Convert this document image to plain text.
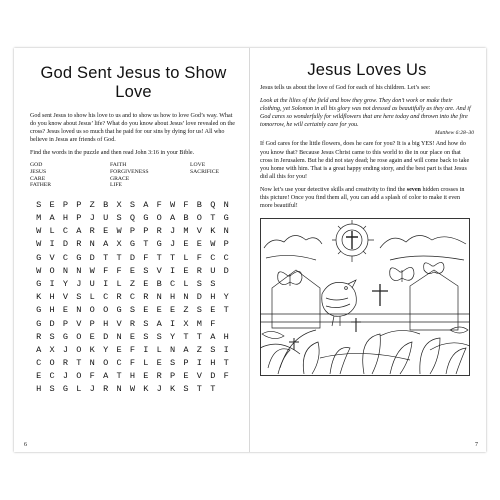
God Sent Jesus to Show Love

God sent Jesus to show his love to us and to show us how to love God’s way. What do you know about Jesus’ life? What do you know about Jesus’ love revealed on the cross? Jesus loved us so much that he paid for our sins by dying for us! All who believe in Jesus are friends of God.

Find the words in the puzzle and then read John 3:16 in your Bible.

GOD
JESUS
CARE
FATHER
FAITH
FORGIVENESS
GRACE
LIFE
LOVE
SACRIFICE
S E P P Z B X S A F W F B Q N
M A H P J U S Q G O A B O T G
W L C A R E W P P R J M V K N
W I D R N A X G T G J E E W P
G V C G D T T D F T T L F C C
W O N N W F F E S V I E R U D
G I Y J U I L Z E B C L S S
K H V S L C R C R N H N D H Y
G H E N O O G S E E E Z S E T
G D P V P H V R S A I X M F
R S G O E D N E S S Y T T A H
A X J O K Y E F I L N A Z S I
C O R T N O C F L E S P I H T
E C J O F A T H E R P E V D F
H S G L J R N W K J K S T T
6
Jesus Loves Us

Jesus tells us about the love of God for each of his children. Let’s see:

Look at the lilies of the field and how they grow. They don’t work or make their clothing, yet Solomon in all his glory was not dressed as beautifully as they are. And if God cares so wonderfully for wildflowers that are here today and thrown into the fire tomorrow, he will certainly care for you.

Matthew 6:28–30

If God cares for the little flowers, does he care for you? It is a big YES! And how do you know that? Because Jesus Christ came to this world to die in our place on that cross in Jerusalem. But he did not stay dead; he rose again and will come back to take you home with him. That is a great happy ending story, and the best part is that Jesus did all this for you!

Now let’s use your detective skills and creativity to find the seven hidden crosses in this picture! Once you find them all, you can add a splash of color to make it even more beautiful!

7
